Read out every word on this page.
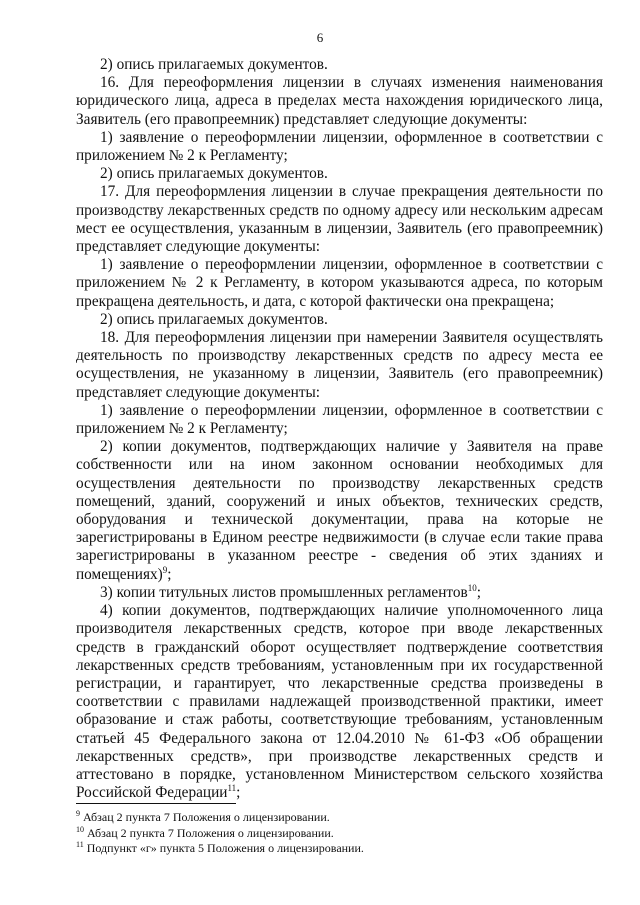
6

2) опись прилагаемых документов.

16. Для переоформления лицензии в случаях изменения наименования юридического лица, адреса в пределах места нахождения юридического лица, Заявитель (его правопреемник) представляет следующие документы:

1) заявление о переоформлении лицензии, оформленное в соответствии с приложением № 2 к Регламенту;

2) опись прилагаемых документов.

17. Для переоформления лицензии в случае прекращения деятельности по производству лекарственных средств по одному адресу или нескольким адресам мест ее осуществления, указанным в лицензии, Заявитель (его правопреемник) представляет следующие документы:

1) заявление о переоформлении лицензии, оформленное в соответствии с приложением № 2 к Регламенту, в котором указываются адреса, по которым прекращена деятельность, и дата, с которой фактически она прекращена;

2) опись прилагаемых документов.

18. Для переоформления лицензии при намерении Заявителя осуществлять деятельность по производству лекарственных средств по адресу места ее осуществления, не указанному в лицензии, Заявитель (его правопреемник) представляет следующие документы:

1) заявление о переоформлении лицензии, оформленное в соответствии с приложением № 2 к Регламенту;

2) копии документов, подтверждающих наличие у Заявителя на праве собственности или на ином законном основании необходимых для осуществления деятельности по производству лекарственных средств помещений, зданий, сооружений и иных объектов, технических средств, оборудования и технической документации, права на которые не зарегистрированы в Едином реестре недвижимости (в случае если такие права зарегистрированы в указанном реестре - сведения об этих зданиях и помещениях)$^9$;

3) копии титульных листов промышленных регламентов$^{10}$;

4) копии документов, подтверждающих наличие уполномоченного лица производителя лекарственных средств, которое при вводе лекарственных средств в гражданский оборот осуществляет подтверждение соответствия лекарственных средств требованиям, установленным при их государственной регистрации, и гарантирует, что лекарственные средства произведены в соответствии с правилами надлежащей производственной практики, имеет образование и стаж работы, соответствующие требованиям, установленным статьей 45 Федерального закона от 12.04.2010 № 61-ФЗ «Об обращении лекарственных средств», при производстве лекарственных средств и аттестовано в порядке, установленном Министерством сельского хозяйства Российской Федерации$^{11}$;

$^9$ Абзац 2 пункта 7 Положения о лицензировании.

$^{10}$ Абзац 2 пункта 7 Положения о лицензировании.

$^{11}$ Подпункт «г» пункта 5 Положения о лицензировании.
